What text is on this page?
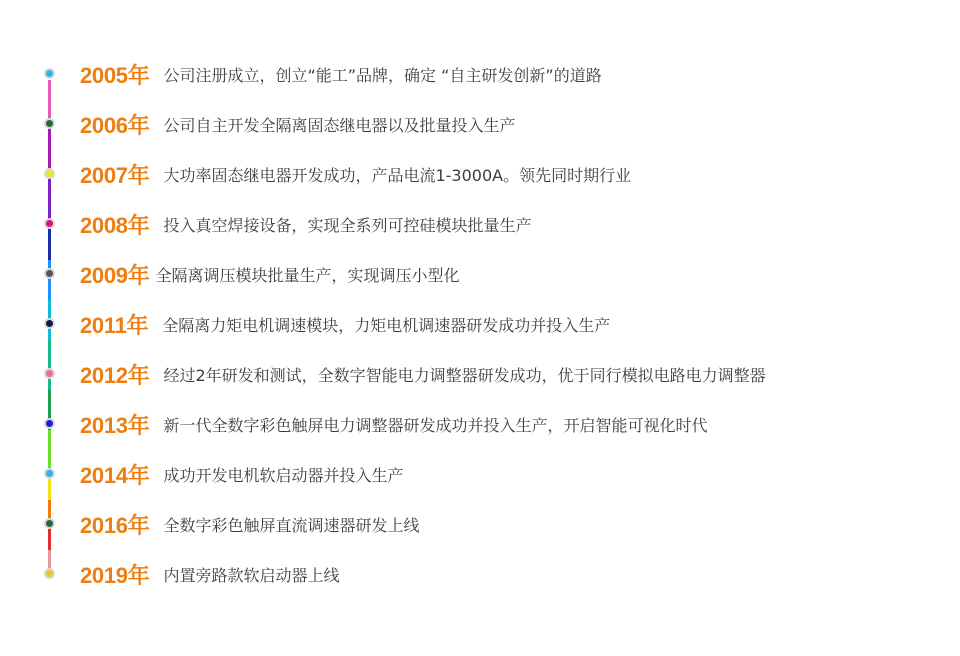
2005年 公司注册成立，创立“能工”品牌，确定 “自主研发创新”的道路
2006年 公司自主开发全隔离固态继电器以及批量投入生产
2007年 大功率固态继电器开发成功，产品电流1-3000A。领先同时期行业
2008年 投入真空焊接设备，实现全系列可控硅模块批量生产
2009年 全隔离调压模块批量生产，实现调压小型化
2011年 全隔离力矩电机调速模块，力矩电机调速器研发成功并投入生产
2012年 经过2年研发和测试，全数字智能电力调整器研发成功，优于同行模拟电路电力调整器
2013年 新一代全数字彩色触屏电力调整器研发成功并投入生产，开启智能可视化时代
2014年 成功开发电机软启动器并投入生产
2016年 全数字彩色触屏直流调速器研发上线
2019年 内置旁路款软启动器上线
